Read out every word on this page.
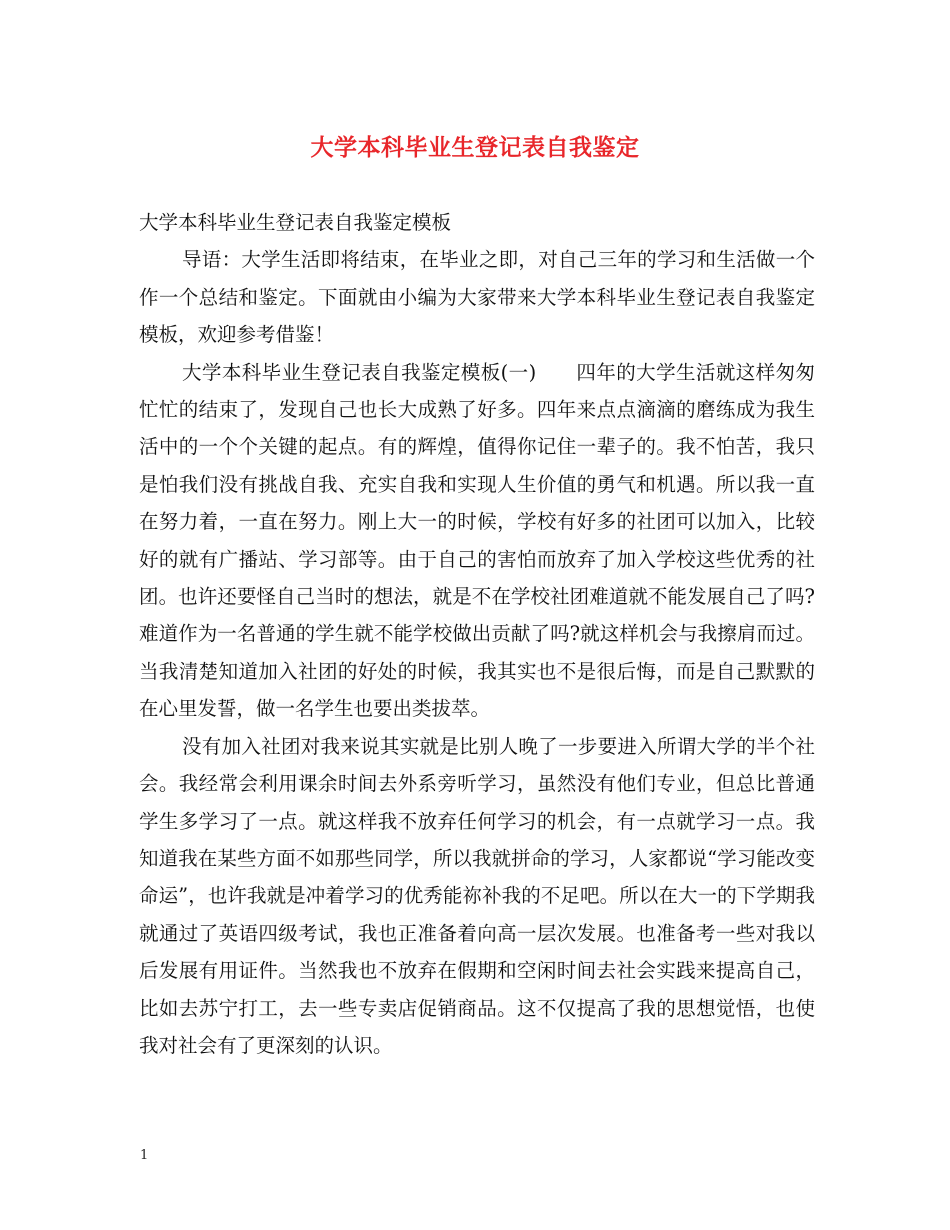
大学本科毕业生登记表自我鉴定

大学本科毕业生登记表自我鉴定模板

导语：大学生活即将结束，在毕业之即，对自己三年的学习和生活做一个作一个总结和鉴定。下面就由小编为大家带来大学本科毕业生登记表自我鉴定模板，欢迎参考借鉴！

大学本科毕业生登记表自我鉴定模板(一)　　四年的大学生活就这样匆匆忙忙的结束了，发现自己也长大成熟了好多。四年来点点滴滴的磨练成为我生活中的一个个关键的起点。有的辉煌，值得你记住一辈子的。我不怕苦，我只是怕我们没有挑战自我、充实自我和实现人生价值的勇气和机遇。所以我一直在努力着，一直在努力。刚上大一的时候，学校有好多的社团可以加入，比较好的就有广播站、学习部等。由于自己的害怕而放弃了加入学校这些优秀的社团。也许还要怪自己当时的想法，就是不在学校社团难道就不能发展自己了吗?难道作为一名普通的学生就不能学校做出贡献了吗?就这样机会与我擦肩而过。当我清楚知道加入社团的好处的时候，我其实也不是很后悔，而是自己默默的在心里发誓，做一名学生也要出类拔萃。

没有加入社团对我来说其实就是比别人晚了一步要进入所谓大学的半个社会。我经常会利用课余时间去外系旁听学习，虽然没有他们专业，但总比普通学生多学习了一点。就这样我不放弃任何学习的机会，有一点就学习一点。我知道我在某些方面不如那些同学，所以我就拼命的学习，人家都说“学习能改变命运”，也许我就是冲着学习的优秀能祢补我的不足吧。所以在大一的下学期我就通过了英语四级考试，我也正准备着向高一层次发展。也准备考一些对我以后发展有用证件。当然我也不放弃在假期和空闲时间去社会实践来提高自己，比如去苏宁打工，去一些专卖店促销商品。这不仅提高了我的思想觉悟，也使我对社会有了更深刻的认识。

1
